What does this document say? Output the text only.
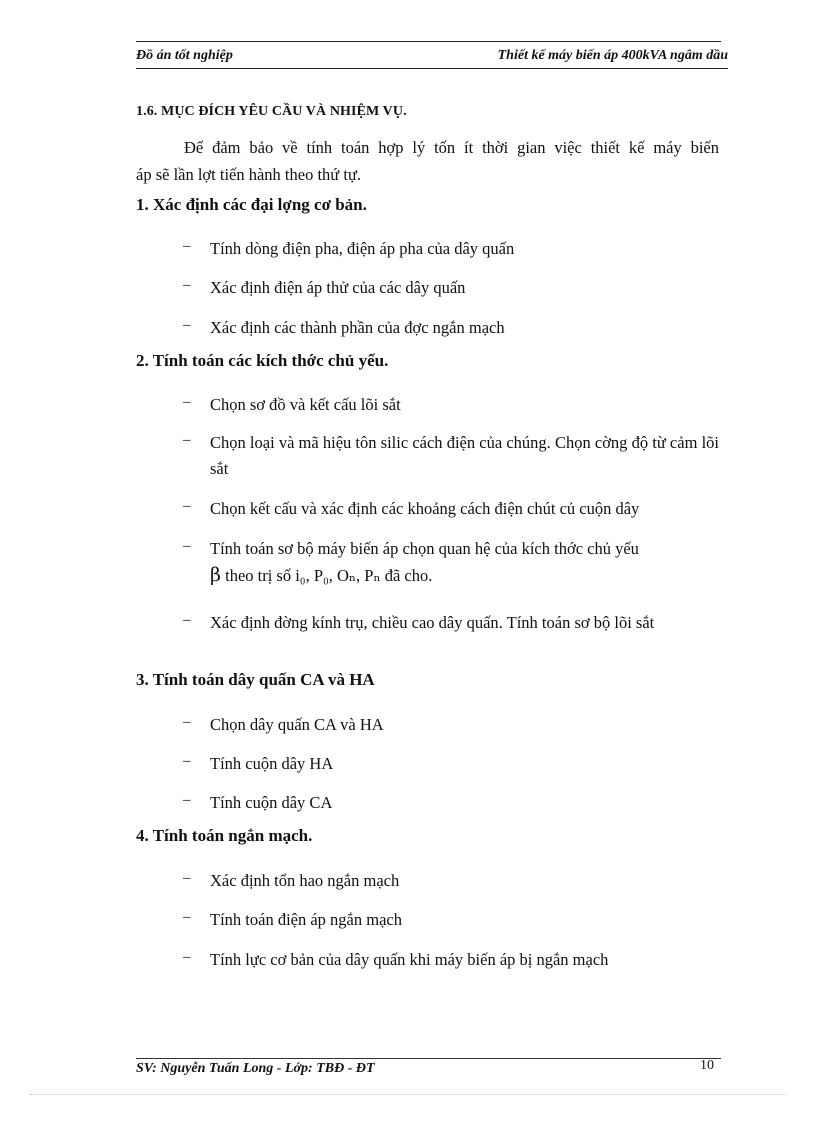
Đồ án tốt nghiệp	Thiết kế máy biến áp 400kVA ngâm dầu
1.6. MỤC ĐÍCH YÊU CẦU VÀ NHIỆM VỤ.
Để đảm bảo về tính toán hợp lý tốn ít thời gian việc thiết kế máy biến
áp sẽ lần lợt tiến hành theo thứ tự.
1. Xác định các đại lợng cơ bản.
– Tính dòng điện pha, điện áp pha của dây quấn
– Xác định điện áp thử của các dây quấn
– Xác định các thành phần của đợc ngắn mạch
2. Tính toán các kích thớc chủ yếu.
– Chọn sơ đồ và kết cấu lõi sắt
– Chọn loại và mã hiệu tôn silic cách điện của chúng. Chọn cờng độ từ cảm lõi sắt
– Chọn kết cấu và xác định các khoảng cách điện chút củ cuộn dây
– Tính toán sơ bộ máy biến áp chọn quan hệ của kích thớc chủ yếu
β theo trị số i₀, P₀, Oₙ, Pₙ đã cho.
– Xác định đờng kính trụ, chiều cao dây quấn. Tính toán sơ bộ lõi sắt
3. Tính toán dây quấn CA và HA
– Chọn dây quấn CA và HA
– Tính cuộn dây HA
– Tính cuộn dây CA
4. Tính toán ngắn mạch.
– Xác định tổn hao ngắn mạch
– Tính toán điện áp ngắn mạch
– Tính lực cơ bản của dây quấn khi máy biến áp bị ngắn mạch
SV: Nguyễn Tuấn Long - Lớp: TBĐ - ĐT	10
